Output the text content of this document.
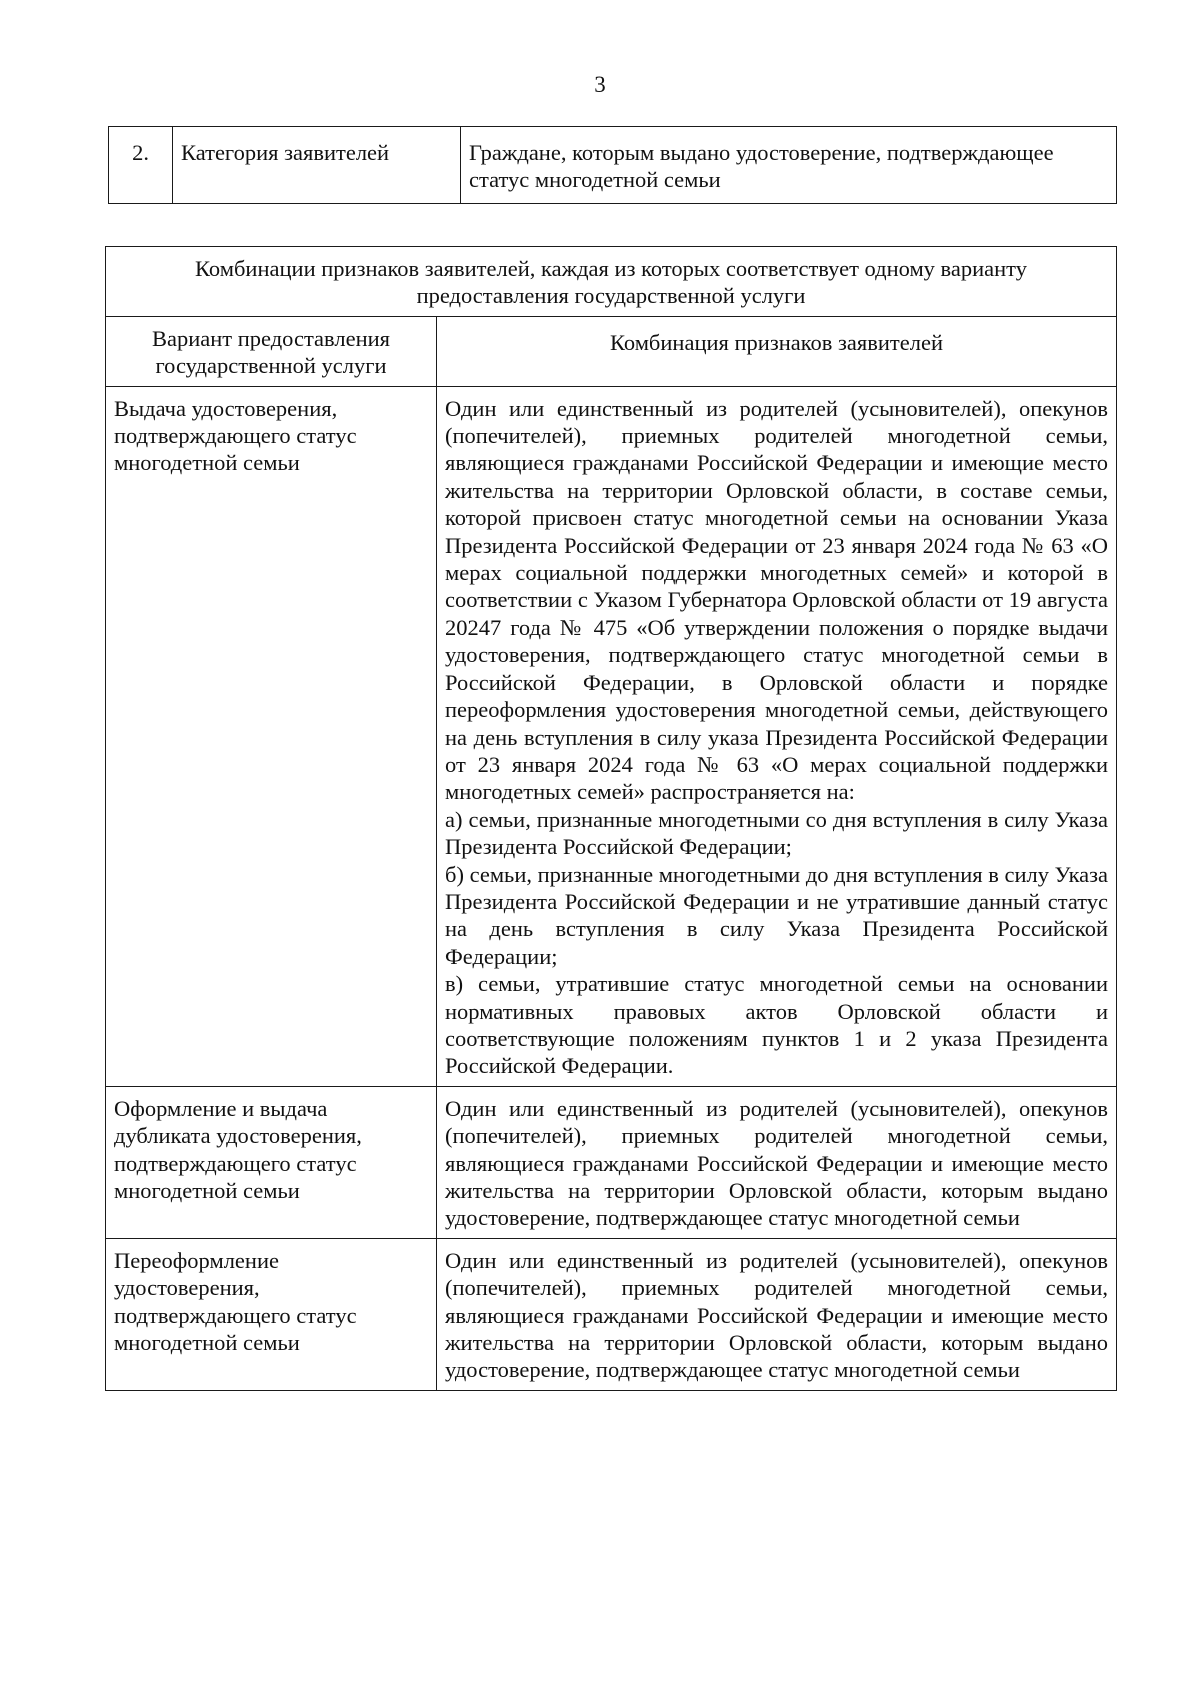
3
2.	Категория заявителей	Граждане, которым выдано удостоверение, подтверждающее статус многодетной семьи
Комбинации признаков заявителей, каждая из которых соответствует одному варианту предоставления государственной услуги	
Вариант предоставления государственной услуги	Комбинация признаков заявителей
Выдача удостоверения, подтверждающего статус многодетной семьи	Один или единственный из родителей (усыновителей), опекунов (попечителей), приемных родителей многодетной семьи, являющиеся гражданами Российской Федерации и имеющие место жительства на территории Орловской области, в составе семьи, которой присвоен статус многодетной семьи на основании Указа Президента Российской Федерации от 23 января 2024 года № 63 «О мерах социальной поддержки многодетных семей» и которой в соответствии с Указом Губернатора Орловской области от 19 августа 20247 года № 475 «Об утверждении положения о порядке выдачи удостоверения, подтверждающего статус многодетной семьи в Российской Федерации, в Орловской области и порядке переоформления удостоверения многодетной семьи, действующего на день вступления в силу указа Президента Российской Федерации от 23 января 2024 года № 63 «О мерах социальной поддержки многодетных семей» распространяется на:
а) семьи, признанные многодетными со дня вступления в силу Указа Президента Российской Федерации;
б) семьи, признанные многодетными до дня вступления в силу Указа Президента Российской Федерации и не утратившие данный статус на день вступления в силу Указа Президента Российской Федерации;
в) семьи, утратившие статус многодетной семьи на основании нормативных правовых актов Орловской области и соответствующие положениям пунктов 1 и 2 указа Президента Российской Федерации.

Оформление и выдача дубликата удостоверения, подтверждающего статус многодетной семьи	Один или единственный из родителей (усыновителей), опекунов (попечителей), приемных родителей многодетной семьи, являющиеся гражданами Российской Федерации и имеющие место жительства на территории Орловской области, которым выдано удостоверение, подтверждающее статус многодетной семьи

Переоформление удостоверения, подтверждающего статус многодетной семьи	Один или единственный из родителей (усыновителей), опекунов (попечителей), приемных родителей многодетной семьи, являющиеся гражданами Российской Федерации и имеющие место жительства на территории Орловской области, которым выдано удостоверение, подтверждающее статус многодетной семьи
